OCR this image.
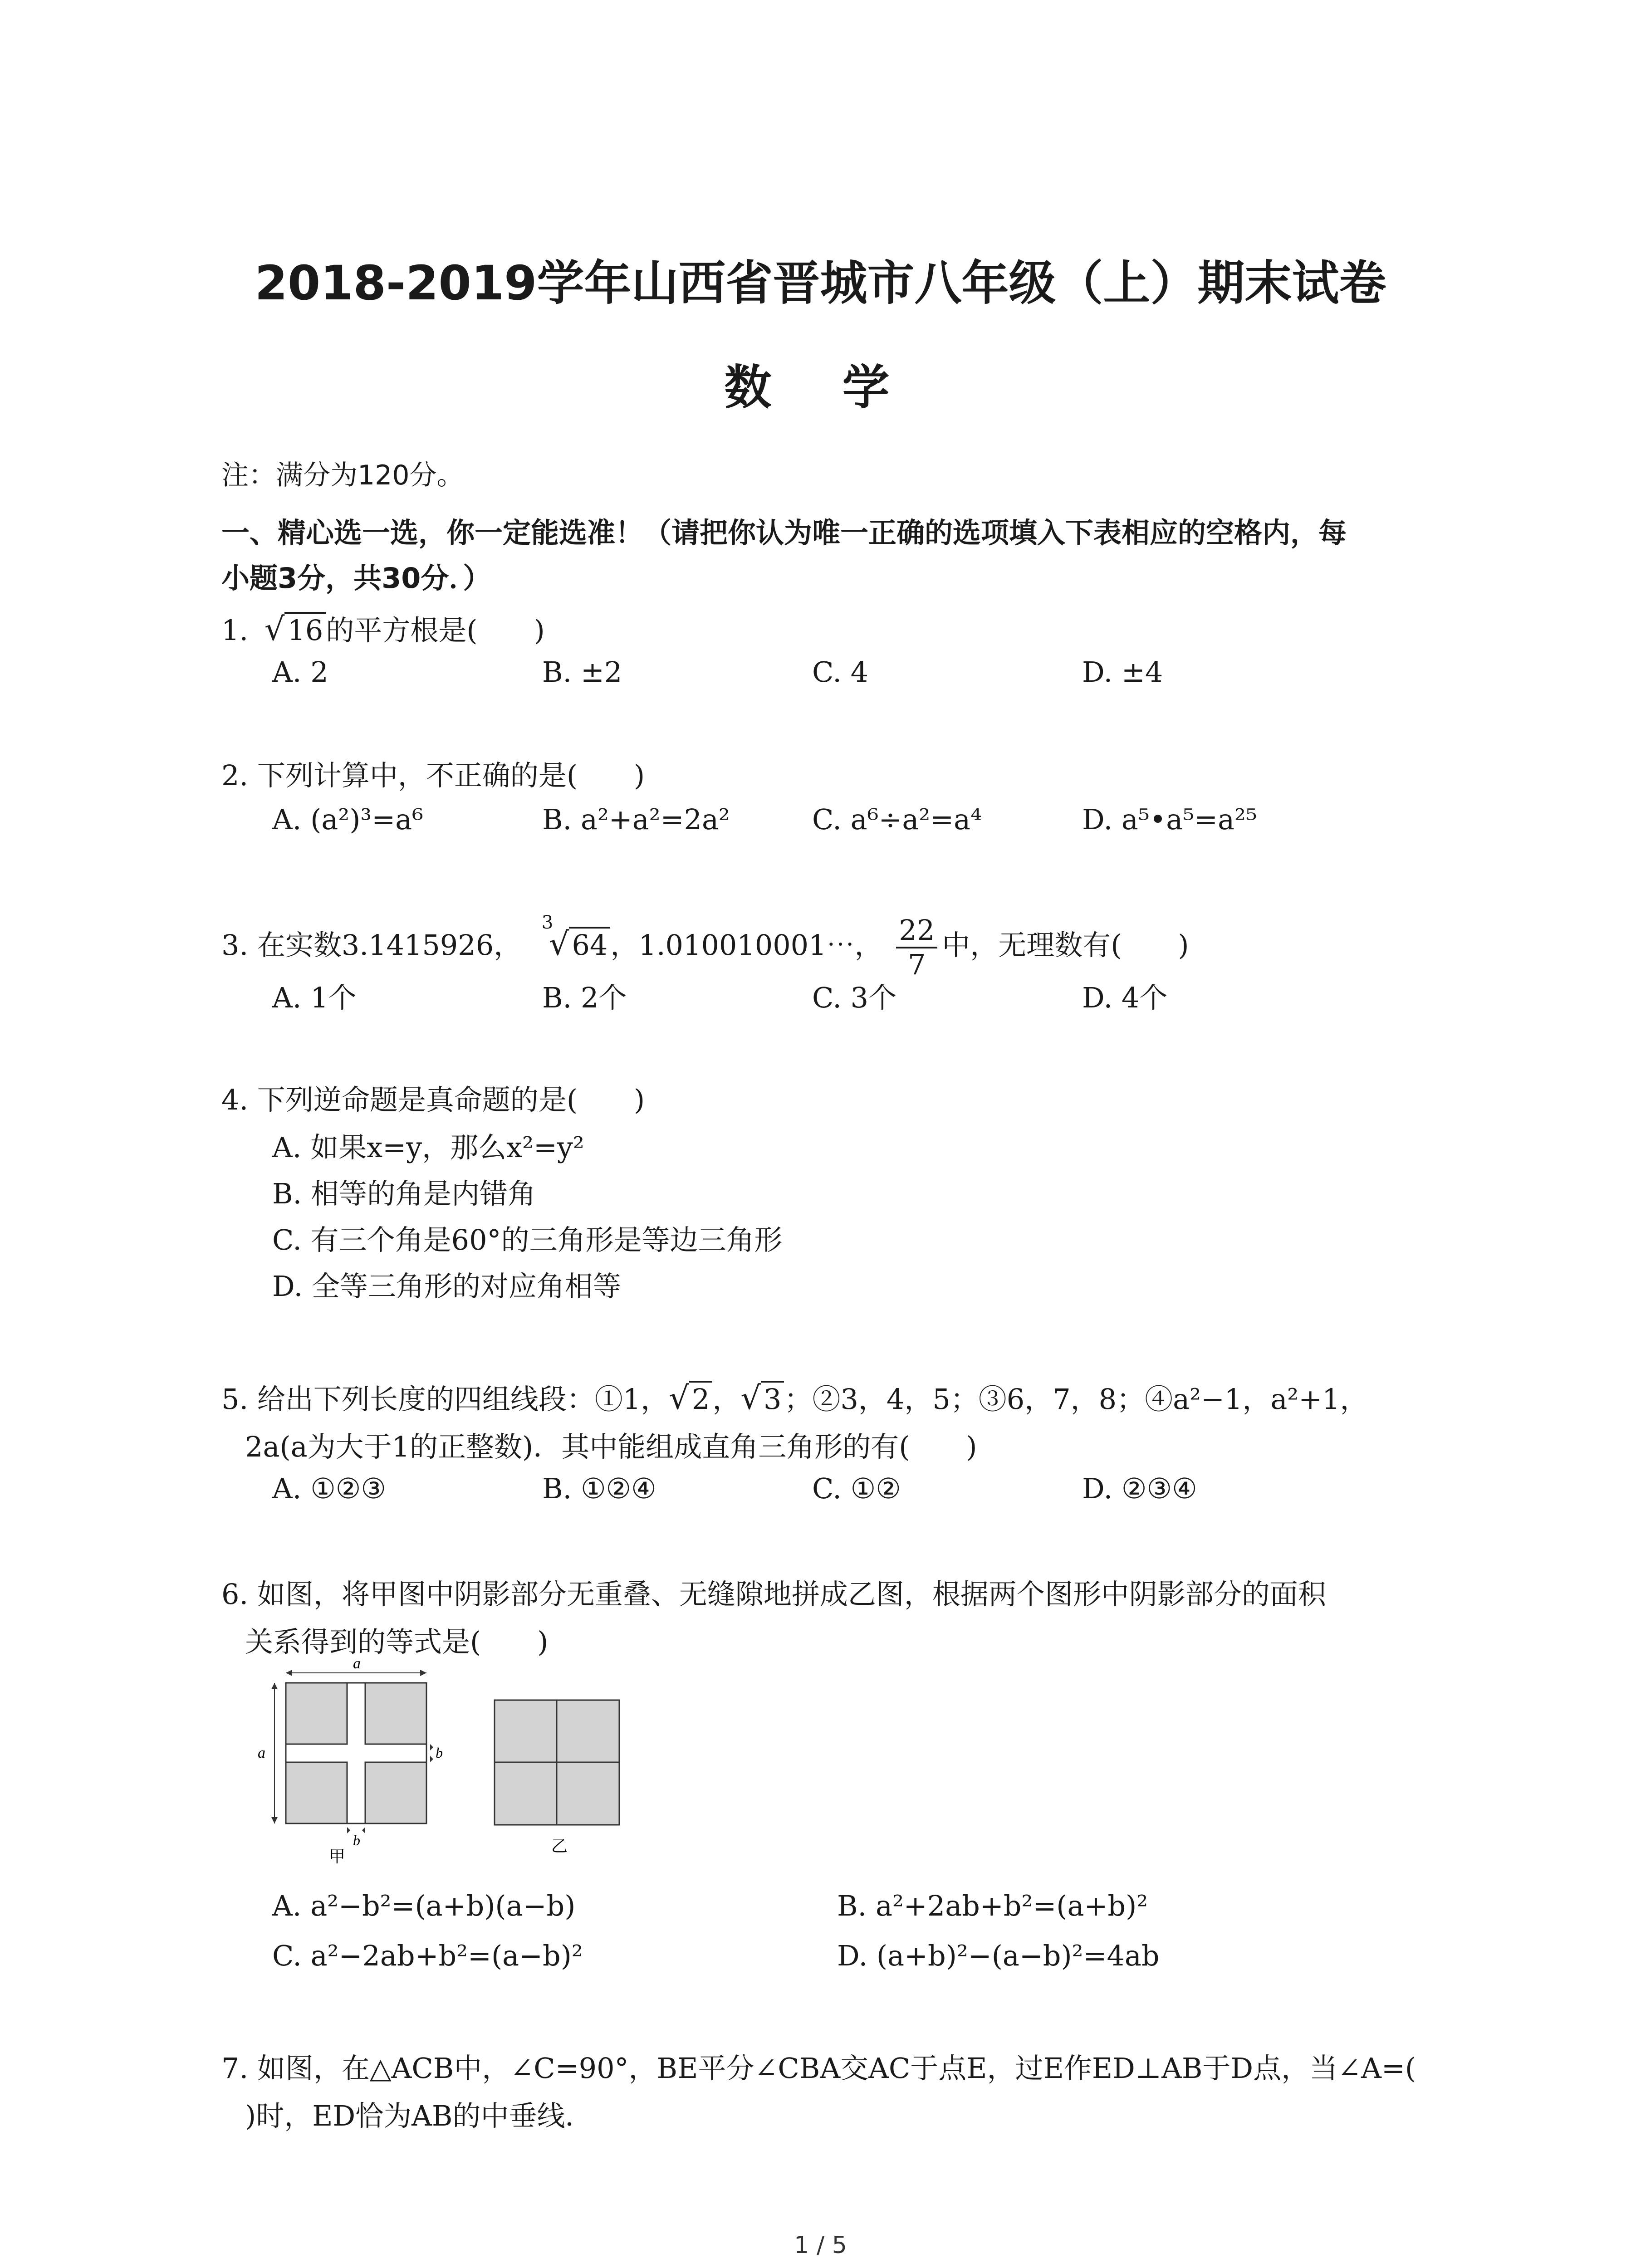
2018-2019学年山西省晋城市八年级（上）期末试卷
数 学
注：满分为120分。
一、精心选一选，你一定能选准！（请把你认为唯一正确的选项填入下表相应的空格内，每
小题3分，共30分．）
1. √16的平方根是(　　)
A. 2	B. ±2	C. 4	D. ±4
2. 下列计算中，不正确的是(　　)
A. (a²)³=a⁶	B. a²+a²=2a²	C. a⁶÷a²=a⁴	D. a⁵•a⁵=a²⁵
3. 在实数3.1415926，
3
√64，1.010010001⋯， $\frac{22}{7}$ 中，无理数有(　　)
A. 1个	B. 2个	C. 3个	D. 4个
4. 下列逆命题是真命题的是(　　)
A. 如果x=y，那么x²=y²
B. 相等的角是内错角
C. 有三个角是60°的三角形是等边三角形
D. 全等三角形的对应角相等
5. 给出下列长度的四组线段：①1，√2，√3；②3，4，5；③6，7，8；④a²−1，a²+1，
2a(a为大于1的正整数)．其中能组成直角三角形的有(　　)
A. ①②③	B. ①②④	C. ①②	D. ②③④
6. 如图，将甲图中阴影部分无重叠、无缝隙地拼成乙图，根据两个图形中阴影部分的面积
关系得到的等式是(　　)
a
a	b
b
甲
乙
A. a²−b²=(a+b)(a−b)	B. a²+2ab+b²=(a+b)²
C. a²−2ab+b²=(a−b)²	D. (a+b)²−(a−b)²=4ab
7. 如图，在△ACB中，∠C=90°，BE平分∠CBA交AC于点E，过E作ED⊥AB于D点，当∠A=(
)时，ED恰为AB的中垂线．
1 / 5
